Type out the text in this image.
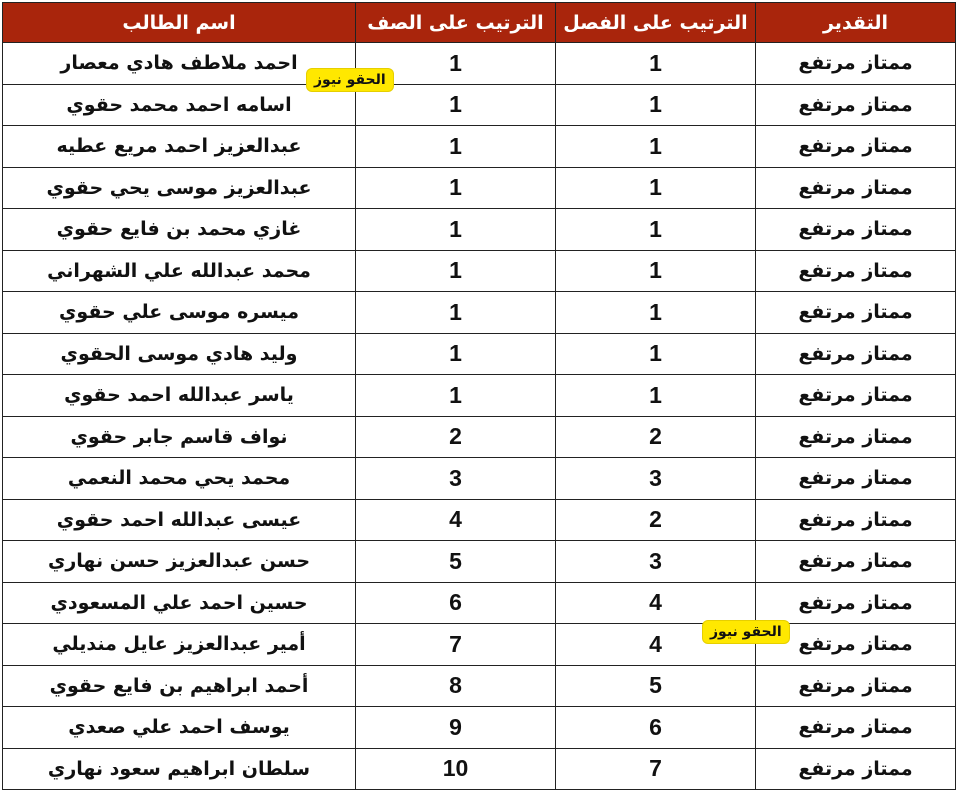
التقدير	الترتيب على الفصل	الترتيب على الصف	اسم الطالب
ممتاز مرتفع	1	1	احمد ملاطف هادي معصار
ممتاز مرتفع	1	1	اسامه احمد محمد حقوي
ممتاز مرتفع	1	1	عبدالعزيز احمد مريع عطيه
ممتاز مرتفع	1	1	عبدالعزيز موسى يحي حقوي
ممتاز مرتفع	1	1	غازي محمد بن فايع حقوي
ممتاز مرتفع	1	1	محمد عبدالله علي الشهراني
ممتاز مرتفع	1	1	ميسره موسى علي حقوي
ممتاز مرتفع	1	1	وليد هادي موسى الحقوي
ممتاز مرتفع	1	1	ياسر عبدالله احمد حقوي
ممتاز مرتفع	2	2	نواف قاسم جابر حقوي
ممتاز مرتفع	3	3	محمد يحي محمد النعمي
ممتاز مرتفع	2	4	عيسى عبدالله احمد حقوي
ممتاز مرتفع	3	5	حسن عبدالعزيز حسن نهاري
ممتاز مرتفع	4	6	حسين احمد علي المسعودي
ممتاز مرتفع	4	7	أمير عبدالعزيز عايل منديلي
ممتاز مرتفع	5	8	أحمد ابراهيم بن فايع حقوي
ممتاز مرتفع	6	9	يوسف احمد علي صعدي
ممتاز مرتفع	7	10	سلطان ابراهيم سعود نهاري
الحقو نيوز
الحقو نيوز
